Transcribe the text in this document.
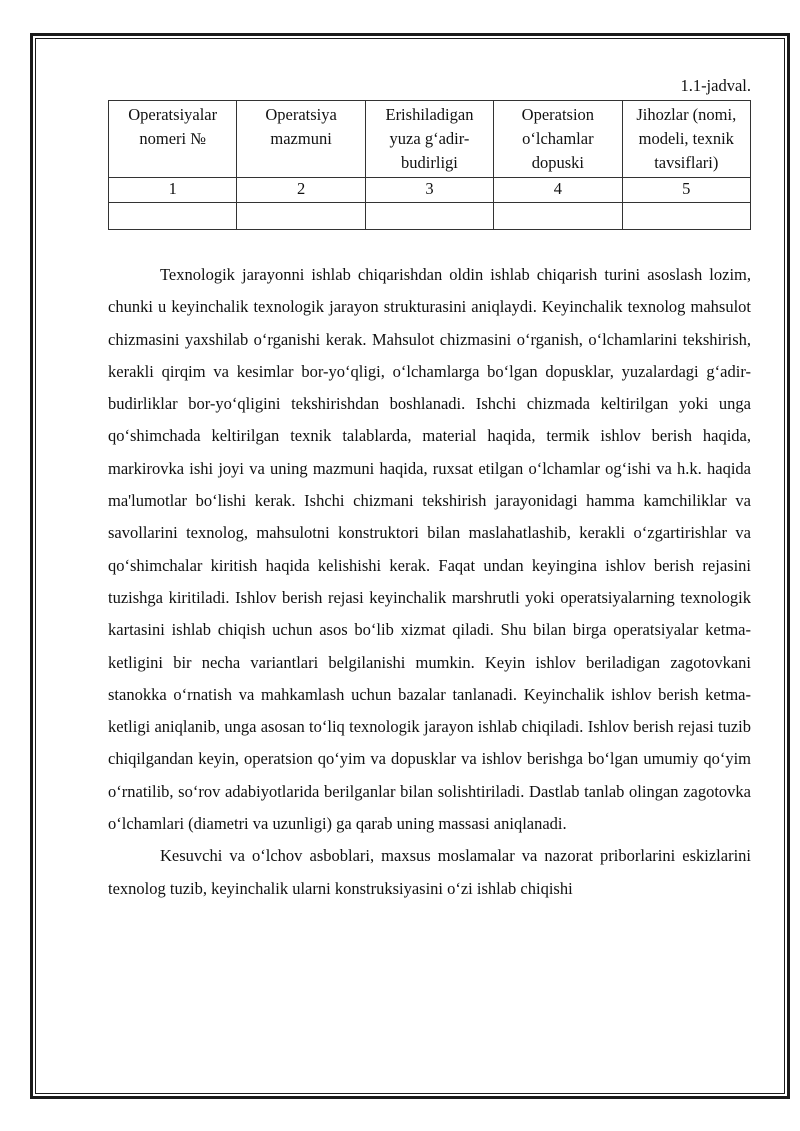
1.1-jadval.
Operatsiyalar nomeri №	Operatsiya mazmuni	Erishiladigan yuza g‘adir-budirligi	Operatsion o‘lchamlar dopuski	Jihozlar (nomi, modeli, texnik tavsiflari)
1	2	3	4	5

Texnologik jarayonni ishlab chiqarishdan oldin ishlab chiqarish turini asoslash lozim, chunki u keyinchalik texnologik jarayon strukturasini aniqlaydi. Keyinchalik texnolog mahsulot chizmasini yaxshilab o‘rganishi kerak. Mahsulot chizmasini o‘rganish, o‘lchamlarini tekshirish, kerakli qirqim va kesimlar bor-yo‘qligi, o‘lchamlarga bo‘lgan dopusklar, yuzalardagi g‘adir-budirliklar bor-yo‘qligini tekshirishdan boshlanadi. Ishchi chizmada keltirilgan yoki unga qo‘shimchada keltirilgan texnik talablarda, material haqida, termik ishlov berish haqida, markirovka ishi joyi va uning mazmuni haqida, ruxsat etilgan o‘lchamlar og‘ishi va h.k. haqida ma'lumotlar bo‘lishi kerak. Ishchi chizmani tekshirish jarayonidagi hamma kamchiliklar va savollarini texnolog, mahsulotni konstruktori bilan maslahatlashib, kerakli o‘zgartirishlar va qo‘shimchalar kiritish haqida kelishishi kerak. Faqat undan keyingina ishlov berish rejasini tuzishga kiritiladi. Ishlov berish rejasi keyinchalik marshrutli yoki operatsiyalarning texnologik kartasini ishlab chiqish uchun asos bo‘lib xizmat qiladi. Shu bilan birga operatsiyalar ketma-ketligini bir necha variantlari belgilanishi mumkin. Keyin ishlov beriladigan zagotovkani stanokka o‘rnatish va mahkamlash uchun bazalar tanlanadi. Keyinchalik ishlov berish ketma-ketligi aniqlanib, unga asosan to‘liq texnologik jarayon ishlab chiqiladi. Ishlov berish rejasi tuzib chiqilgandan keyin, operatsion qo‘yim va dopusklar va ishlov berishga bo‘lgan umumiy qo‘yim o‘rnatilib, so‘rov adabiyotlarida berilganlar bilan solishtiriladi. Dastlab tanlab olingan zagotovka o‘lchamlari (diametri va uzunligi) ga qarab uning massasi aniqlanadi.

Kesuvchi va o‘lchov asboblari, maxsus moslamalar va nazorat priborlarini eskizlarini texnolog tuzib, keyinchalik ularni konstruksiyasini o‘zi ishlab chiqishi
